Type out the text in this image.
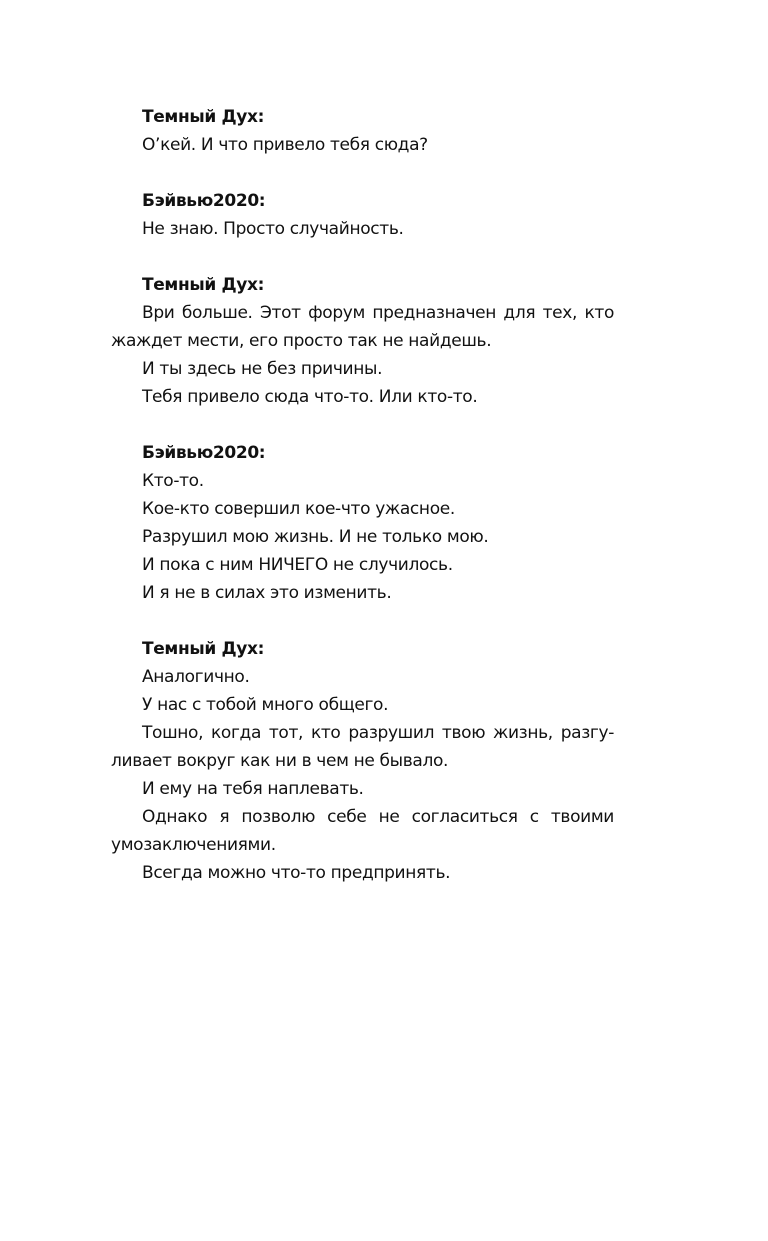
Темный Дух:
О’кей. И что привело тебя сюда?
Бэйвью2020:
Не знаю. Просто случайность.
Темный Дух:
Ври больше. Этот форум предназначен для тех, кто жаждет мести, его просто так не найдешь.
И ты здесь не без причины.
Тебя привело сюда что-то. Или кто-то.
Бэйвью2020:
Кто-то.
Кое-кто совершил кое-что ужасное.
Разрушил мою жизнь. И не только мою.
И пока с ним НИЧЕГО не случилось.
И я не в силах это изменить.
Темный Дух:
Аналогично.
У нас с тобой много общего.
Тошно, когда тот, кто разрушил твою жизнь, разгу-
ливает вокруг как ни в чем не бывало.
И ему на тебя наплевать.
Однако я позволю себе не согласиться с твоими умозаключениями.
Всегда можно что-то предпринять.
